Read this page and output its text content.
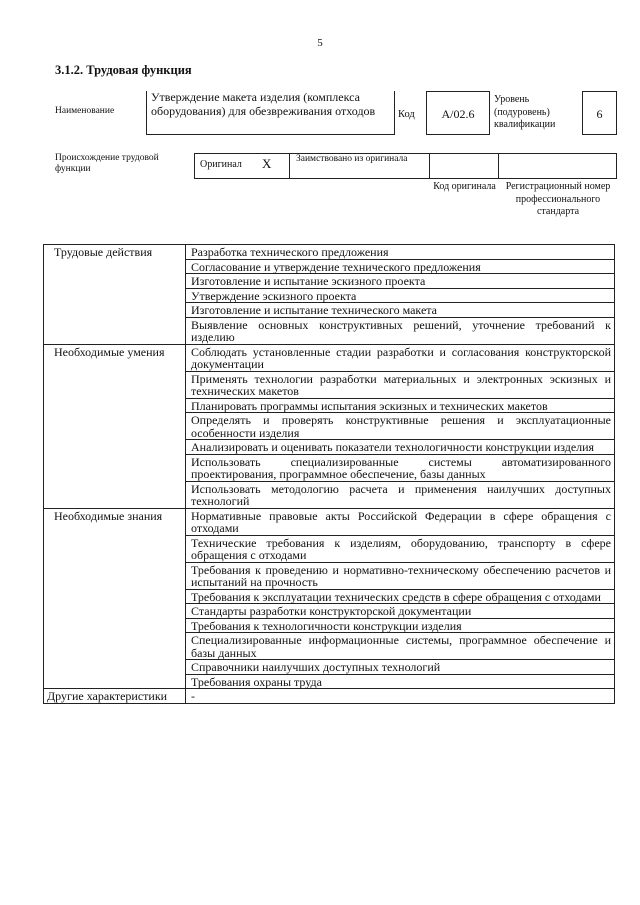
5
3.1.2. Трудовая функция
Наименование
Утверждение макета изделия (комплекса оборудования) для обезвреживания отходов	Код	A/02.6
Уровень (подуровень) квалификации
6
Происхождение трудовой функции	Оригинал X	Заимствовано из оригинала
Код оригинала Регистрационный номер профессионального стандарта
Трудовые действия	Разработка технического предложения
	Согласование и утверждение технического предложения
	Изготовление и испытание эскизного проекта
	Утверждение эскизного проекта
	Изготовление и испытание технического макета
	Выявление основных конструктивных решений, уточнение требований к изделию
Необходимые умения	Соблюдать установленные стадии разработки и согласования конструкторской документации
	Применять технологии разработки материальных и электронных эскизных и технических макетов
	Планировать программы испытания эскизных и технических макетов
	Определять и проверять конструктивные решения и эксплуатационные особенности изделия
	Анализировать и оценивать показатели технологичности конструкции изделия
	Использовать специализированные системы автоматизированного проектирования, программное обеспечение, базы данных
	Использовать методологию расчета и применения наилучших доступных технологий
Необходимые знания	Нормативные правовые акты Российской Федерации в сфере обращения с отходами
	Технические требования к изделиям, оборудованию, транспорту в сфере обращения с отходами
	Требования к проведению и нормативно-техническому обеспечению расчетов и испытаний на прочность
	Требования к эксплуатации технических средств в сфере обращения с отходами
	Стандарты разработки конструкторской документации
	Требования к технологичности конструкции изделия
	Специализированные информационные системы, программное обеспечение и базы данных
	Справочники наилучших доступных технологий
	Требования охраны труда
Другие характеристики	-
